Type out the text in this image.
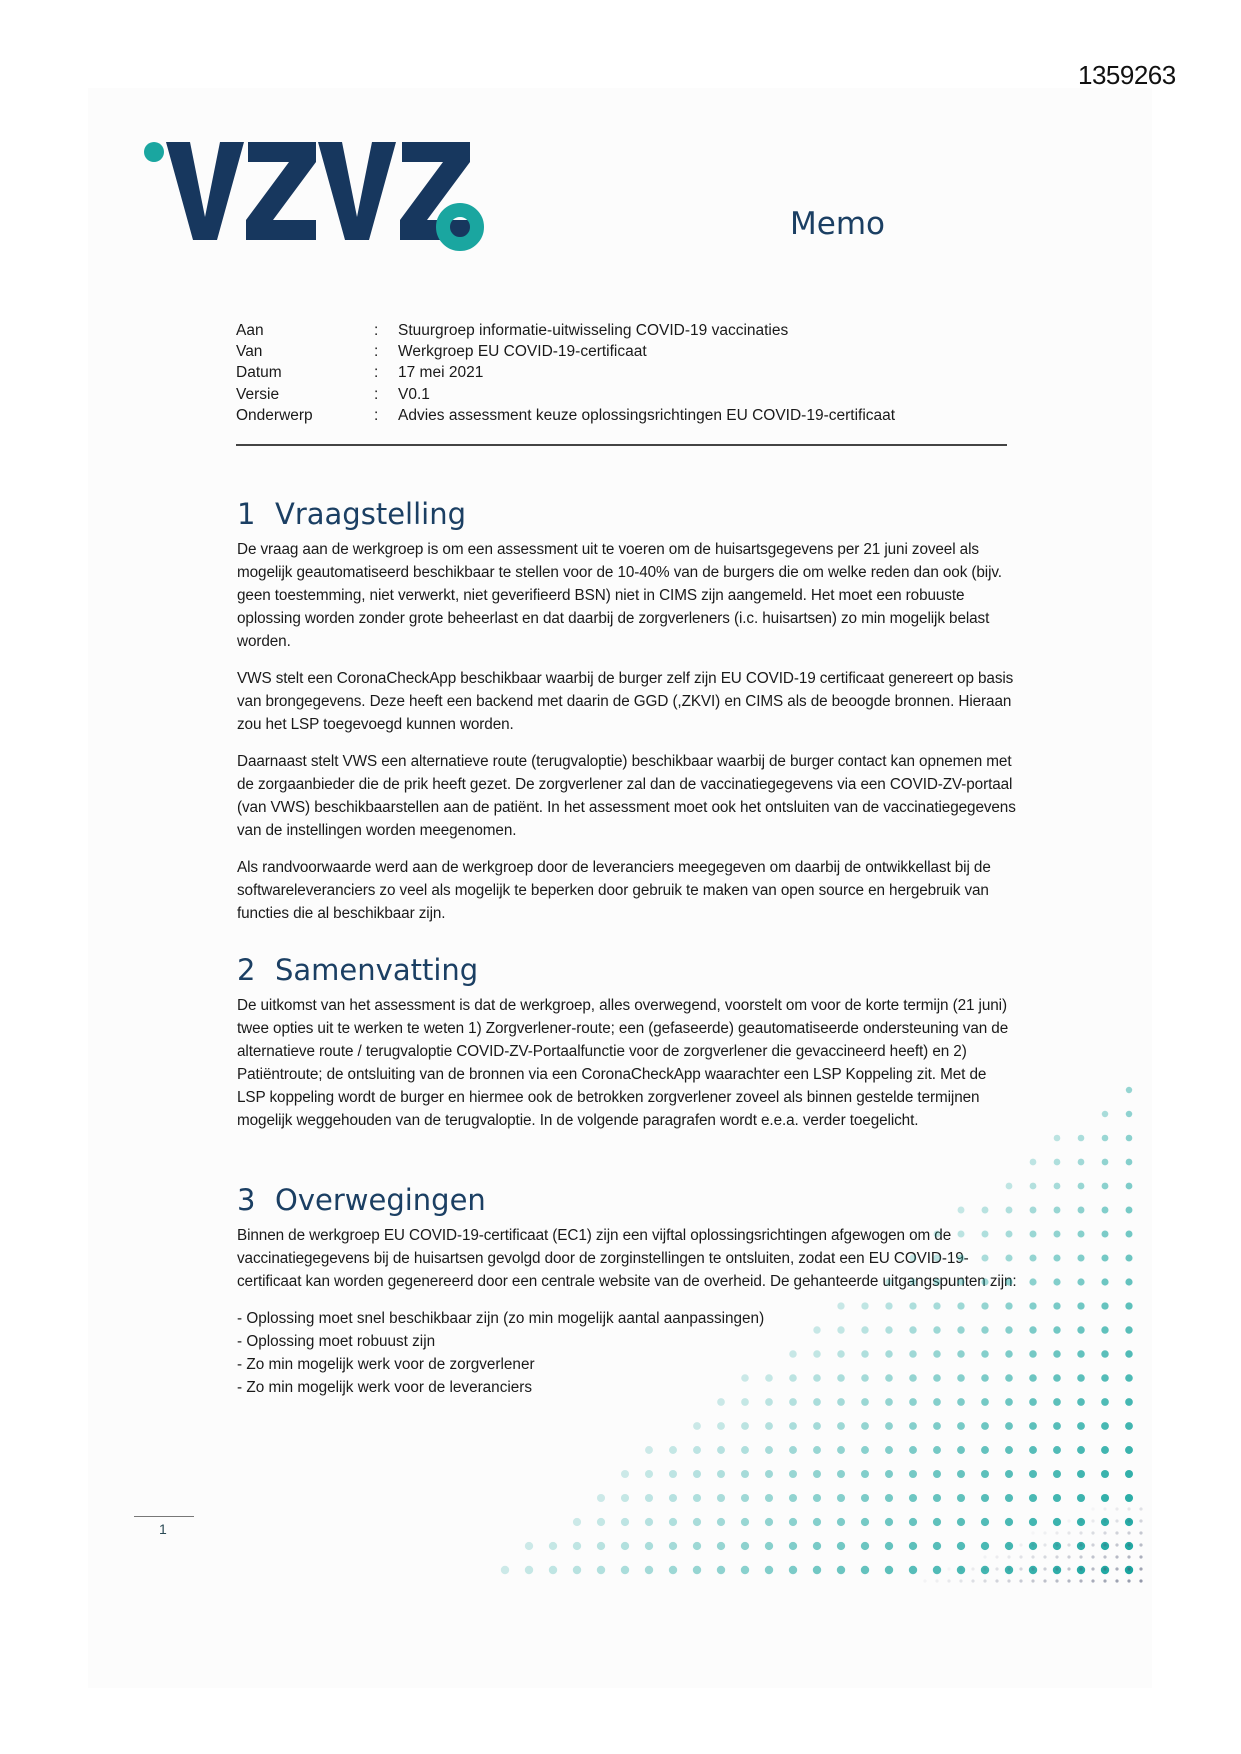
1359263
Memo
Aan	: Stuurgroep informatie-uitwisseling COVID-19 vaccinaties
Van	: Werkgroep EU COVID-19-certificaat
Datum	: 17 mei 2021
Versie	: V0.1
Onderwerp	: Advies assessment keuze oplossingsrichtingen EU COVID-19-certificaat
1 Vraagstelling

De vraag aan de werkgroep is om een assessment uit te voeren om de huisartsgegevens per 21 juni zoveel als mogelijk geautomatiseerd beschikbaar te stellen voor de 10-40% van de burgers die om welke reden dan ook (bijv. geen toestemming, niet verwerkt, niet geverifieerd BSN) niet in CIMS zijn aangemeld. Het moet een robuuste oplossing worden zonder grote beheerlast en dat daarbij de zorgverleners (i.c. huisartsen) zo min mogelijk belast worden.

VWS stelt een CoronaCheckApp beschikbaar waarbij de burger zelf zijn EU COVID-19 certificaat genereert op basis van brongegevens. Deze heeft een backend met daarin de GGD (,ZKVI) en CIMS als de beoogde bronnen. Hieraan zou het LSP toegevoegd kunnen worden.

Daarnaast stelt VWS een alternatieve route (terugvaloptie) beschikbaar waarbij de burger contact kan opnemen met de zorgaanbieder die de prik heeft gezet. De zorgverlener zal dan de vaccinatiegegevens via een COVID-ZV-portaal (van VWS) beschikbaarstellen aan de patiënt. In het assessment moet ook het ontsluiten van de vaccinatiegegevens van de instellingen worden meegenomen.

Als randvoorwaarde werd aan de werkgroep door de leveranciers meegegeven om daarbij de ontwikkellast bij de softwareleveranciers zo veel als mogelijk te beperken door gebruik te maken van open source en hergebruik van functies die al beschikbaar zijn.

2 Samenvatting

De uitkomst van het assessment is dat de werkgroep, alles overwegend, voorstelt om voor de korte termijn (21 juni) twee opties uit te werken te weten 1) Zorgverlener-route; een (gefaseerde) geautomatiseerde ondersteuning van de alternatieve route / terugvaloptie COVID-ZV-Portaalfunctie voor de zorgverlener die gevaccineerd heeft) en 2) Patiëntroute; de ontsluiting van de bronnen via een CoronaCheckApp waarachter een LSP Koppeling zit. Met de LSP koppeling wordt de burger en hiermee ook de betrokken zorgverlener zoveel als binnen gestelde termijnen mogelijk weggehouden van de terugvaloptie. In de volgende paragrafen wordt e.e.a. verder toegelicht.

3 Overwegingen

Binnen de werkgroep EU COVID-19-certificaat (EC1) zijn een vijftal oplossingsrichtingen afgewogen om de vaccinatiegegevens bij de huisartsen gevolgd door de zorginstellingen te ontsluiten, zodat een EU COVID-19-certificaat kan worden gegenereerd door een centrale website van de overheid. De gehanteerde uitgangspunten zijn:

- Oplossing moet snel beschikbaar zijn (zo min mogelijk aantal aanpassingen)
- Oplossing moet robuust zijn
- Zo min mogelijk werk voor de zorgverlener
- Zo min mogelijk werk voor de leveranciers
1
